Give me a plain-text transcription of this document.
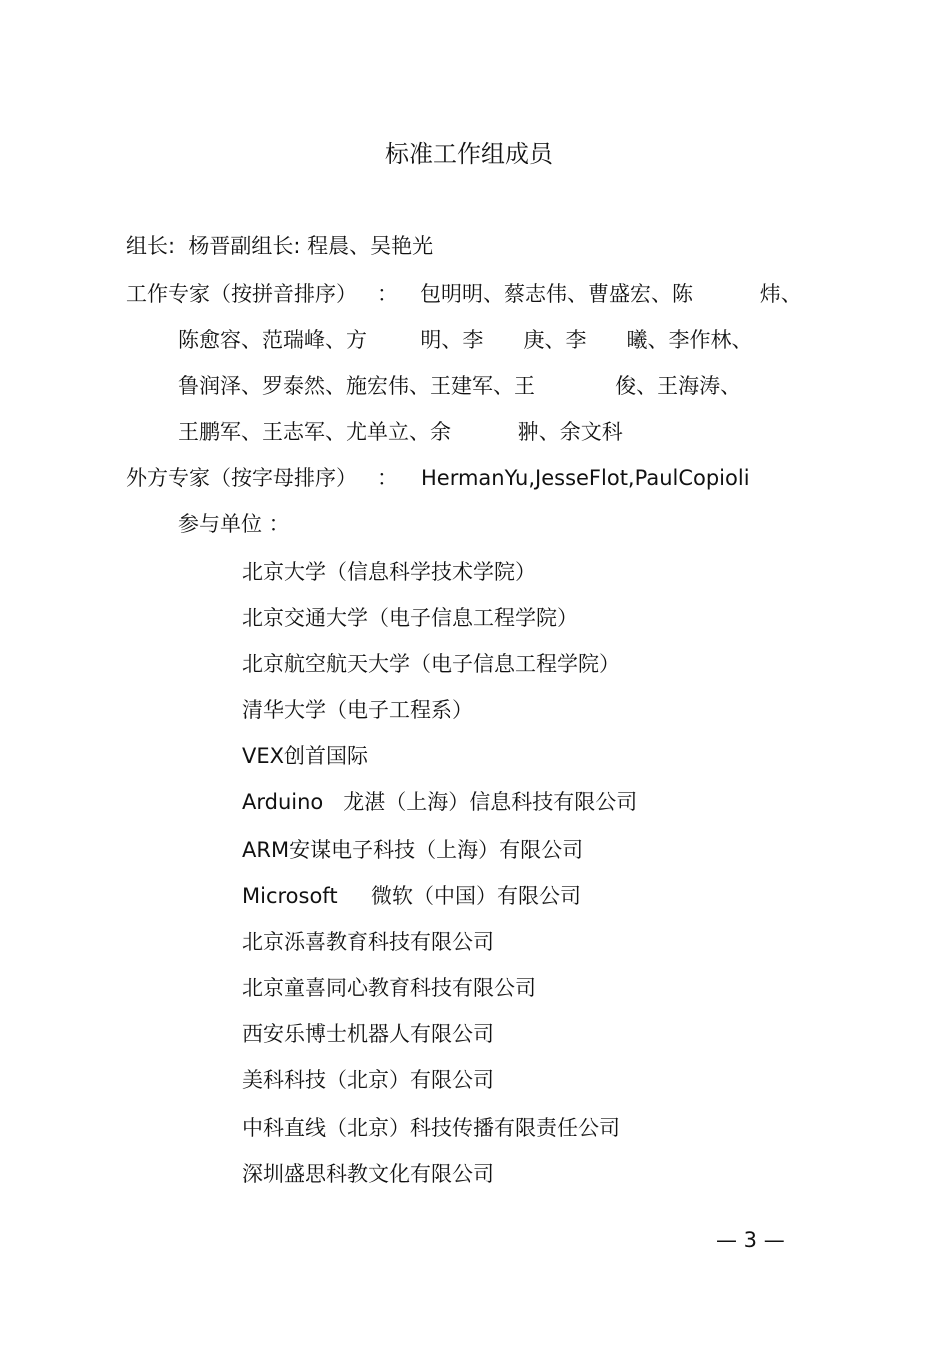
标准工作组成员
组长:  杨晋副组长: 程晨、吴艳光
工作专家（按拼音排序）   ： 包明明、蔡志伟、曹盛宏、陈          炜、
陈愈容、范瑞峰、方        明、李      庚、李      曦、李作林、
鲁润泽、罗泰然、施宏伟、王建军、王            俊、王海涛、
王鹏军、王志军、尤单立、余          翀、余文科
外方专家（按字母排序）   ： HermanYu,JesseFlot,PaulCopioli
参与单位 ：
北京大学（信息科学技术学院）
北京交通大学（电子信息工程学院）
北京航空航天大学（电子信息工程学院）
清华大学（电子工程系）
VEX创首国际
Arduino   龙湛（上海）信息科技有限公司
ARM安谋电子科技（上海）有限公司
Microsoft     微软（中国）有限公司
北京泺喜教育科技有限公司
北京童喜同心教育科技有限公司
西安乐博士机器人有限公司
美科科技（北京）有限公司
中科直线（北京）科技传播有限责任公司
深圳盛思科教文化有限公司
— 3 —
